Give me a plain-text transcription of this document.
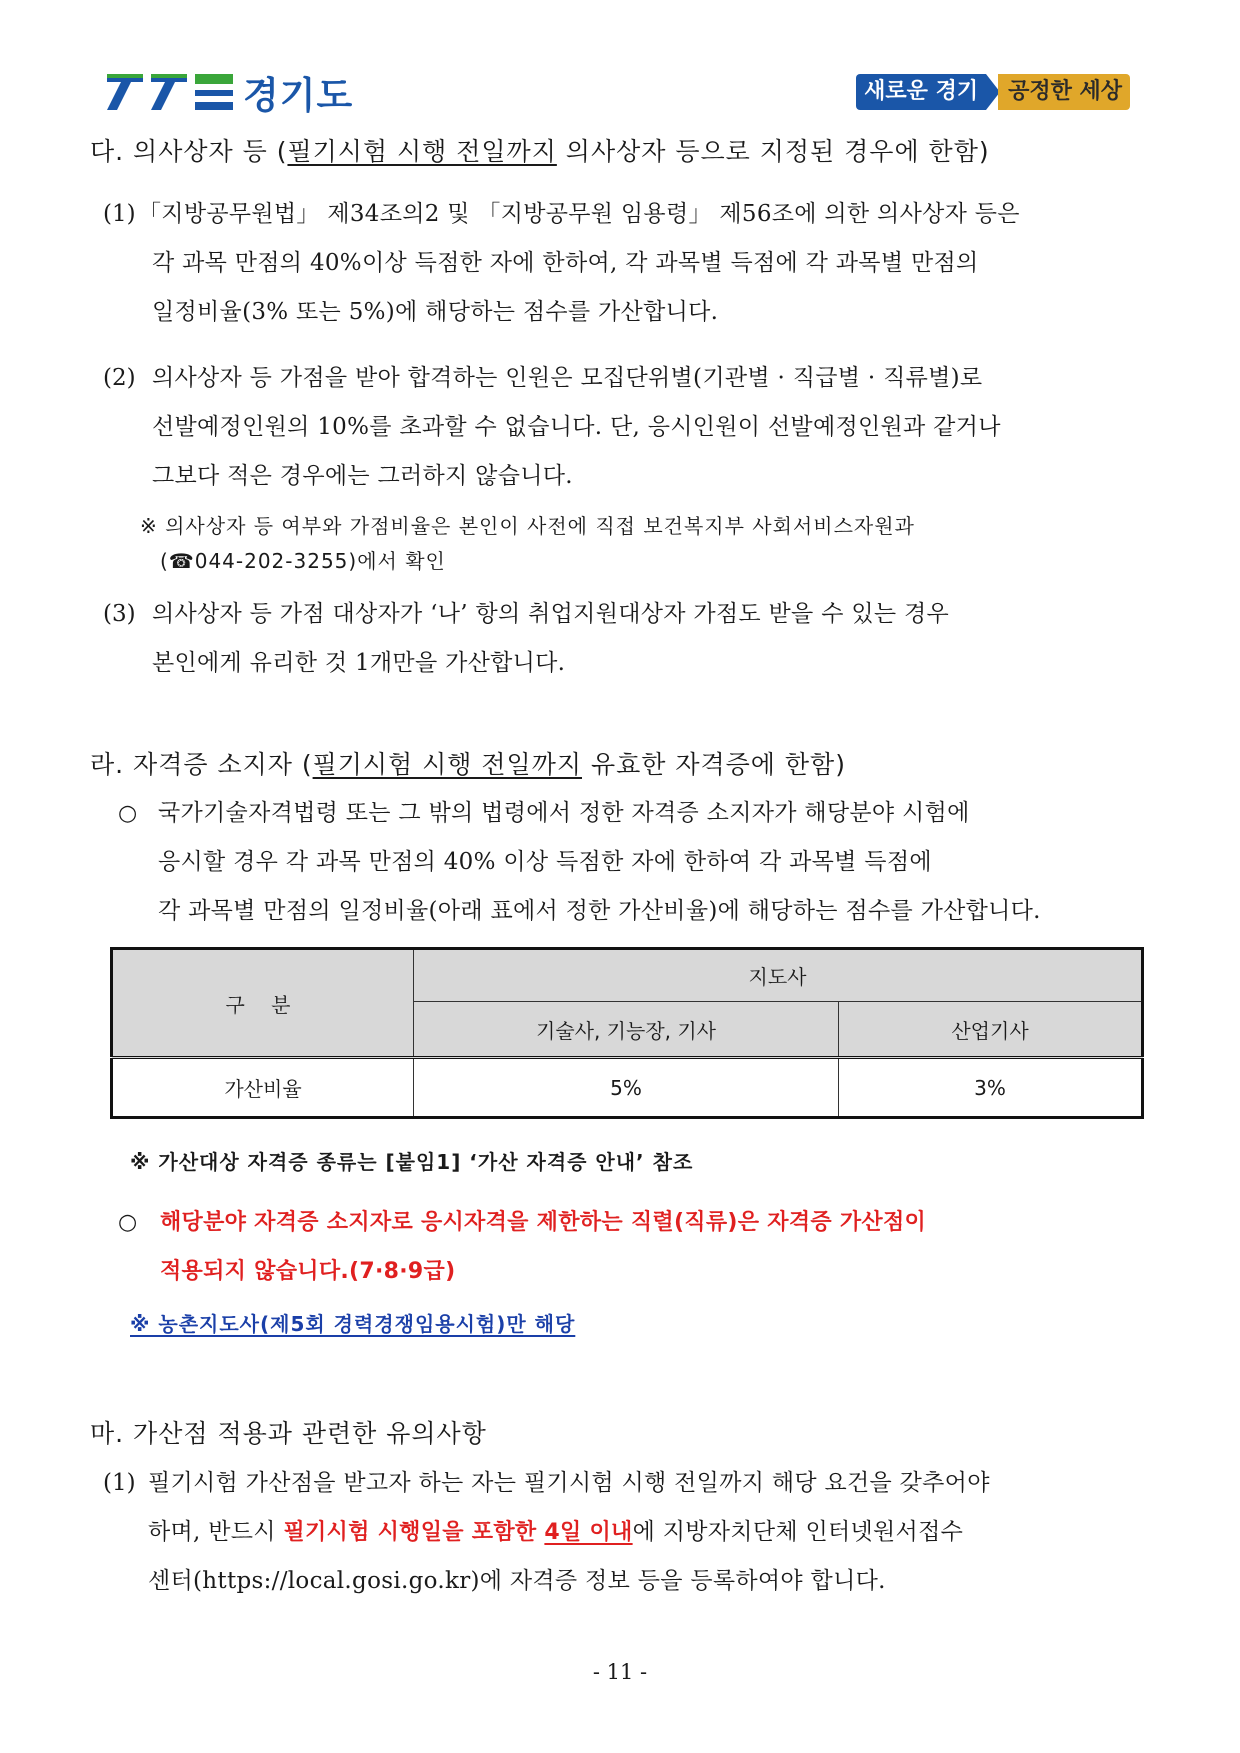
경기도	새로운 경기	공정한 세상
다. 의사상자 등 (필기시험 시행 전일까지 의사상자 등으로 지정된 경우에 한함)
(1) 「지방공무원법」 제34조의2 및 「지방공무원 임용령」 제56조에 의한 의사상자 등은
각 과목 만점의 40%이상 득점한 자에 한하여, 각 과목별 득점에 각 과목별 만점의
일정비율(3% 또는 5%)에 해당하는 점수를 가산합니다.
(2) 의사상자 등 가점을 받아 합격하는 인원은 모집단위별(기관별 · 직급별 · 직류별)로
선발예정인원의 10%를 초과할 수 없습니다. 단, 응시인원이 선발예정인원과 같거나
그보다 적은 경우에는 그러하지 않습니다.
※ 의사상자 등 여부와 가점비율은 본인이 사전에 직접 보건복지부 사회서비스자원과
(☎044-202-3255)에서 확인
(3) 의사상자 등 가점 대상자가 ‘나’ 항의 취업지원대상자 가점도 받을 수 있는 경우
본인에게 유리한 것 1개만을 가산합니다.
라. 자격증 소지자 (필기시험 시행 전일까지 유효한 자격증에 한함)
○ 국가기술자격법령 또는 그 밖의 법령에서 정한 자격증 소지자가 해당분야 시험에
응시할 경우 각 과목 만점의 40% 이상 득점한 자에 한하여 각 과목별 득점에
각 과목별 만점의 일정비율(아래 표에서 정한 가산비율)에 해당하는 점수를 가산합니다.
구 분	지도사	
	기술사, 기능장, 기사	산업기사
가산비율	5%	3%
※ 가산대상 자격증 종류는 [붙임1] ‘가산 자격증 안내’ 참조
○ 해당분야 자격증 소지자로 응시자격을 제한하는 직렬(직류)은 자격증 가산점이
적용되지 않습니다.(7·8·9급)
※ 농촌지도사(제5회 경력경쟁임용시험)만 해당
마. 가산점 적용과 관련한 유의사항
(1) 필기시험 가산점을 받고자 하는 자는 필기시험 시행 전일까지 해당 요건을 갖추어야
하며, 반드시 필기시험 시행일을 포함한 4일 이내에 지방자치단체 인터넷원서접수
센터(https://local.gosi.go.kr)에 자격증 정보 등을 등록하여야 합니다.
- 11 -
